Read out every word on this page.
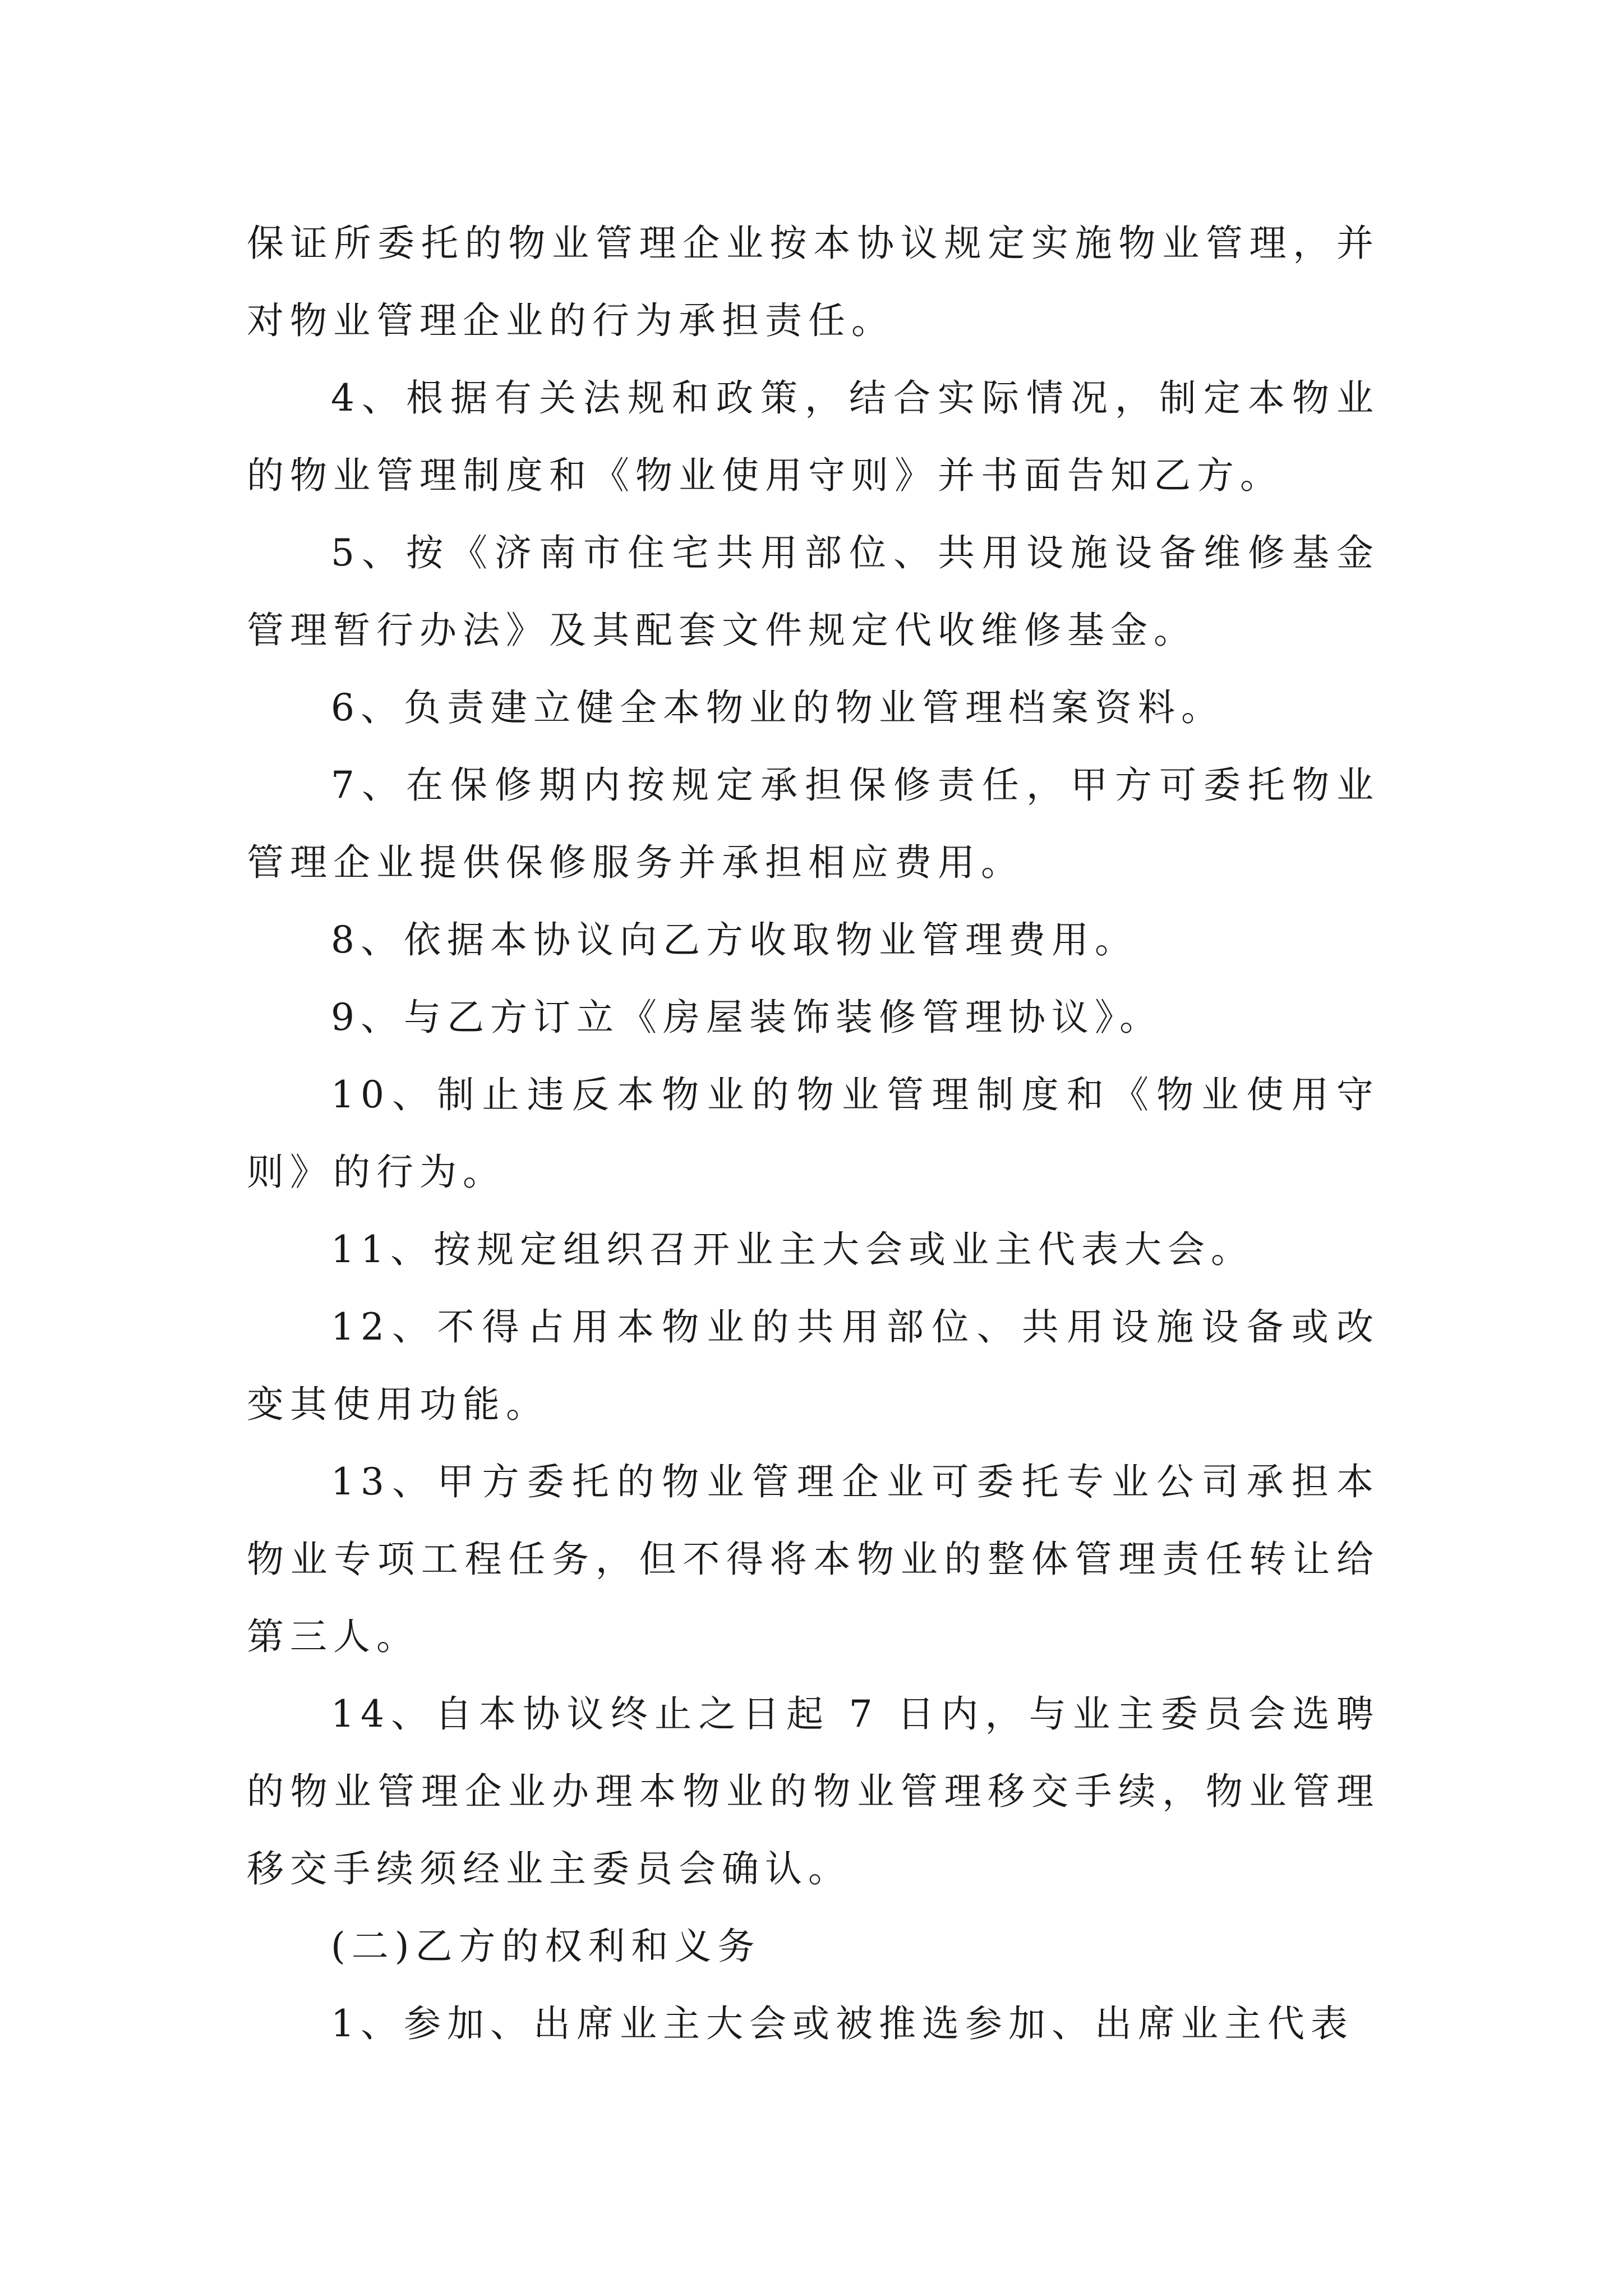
保证所委托的物业管理企业按本协议规定实施物业管理，并对物业管理企业的行为承担责任。

4、根据有关法规和政策，结合实际情况，制定本物业的物业管理制度和《物业使用守则》并书面告知乙方。

5、按《济南市住宅共用部位、共用设施设备维修基金管理暂行办法》及其配套文件规定代收维修基金。

6、负责建立健全本物业的物业管理档案资料。

7、在保修期内按规定承担保修责任，甲方可委托物业管理企业提供保修服务并承担相应费用。

8、依据本协议向乙方收取物业管理费用。

9、与乙方订立《房屋装饰装修管理协议》。

10、制止违反本物业的物业管理制度和《物业使用守则》的行为。

11、按规定组织召开业主大会或业主代表大会。

12、不得占用本物业的共用部位、共用设施设备或改变其使用功能。

13、甲方委托的物业管理企业可委托专业公司承担本物业专项工程任务，但不得将本物业的整体管理责任转让给第三人。

14、自本协议终止之日起 7 日内，与业主委员会选聘的物业管理企业办理本物业的物业管理移交手续，物业管理移交手续须经业主委员会确认。

(二)乙方的权利和义务

1、参加、出席业主大会或被推选参加、出席业主代表
